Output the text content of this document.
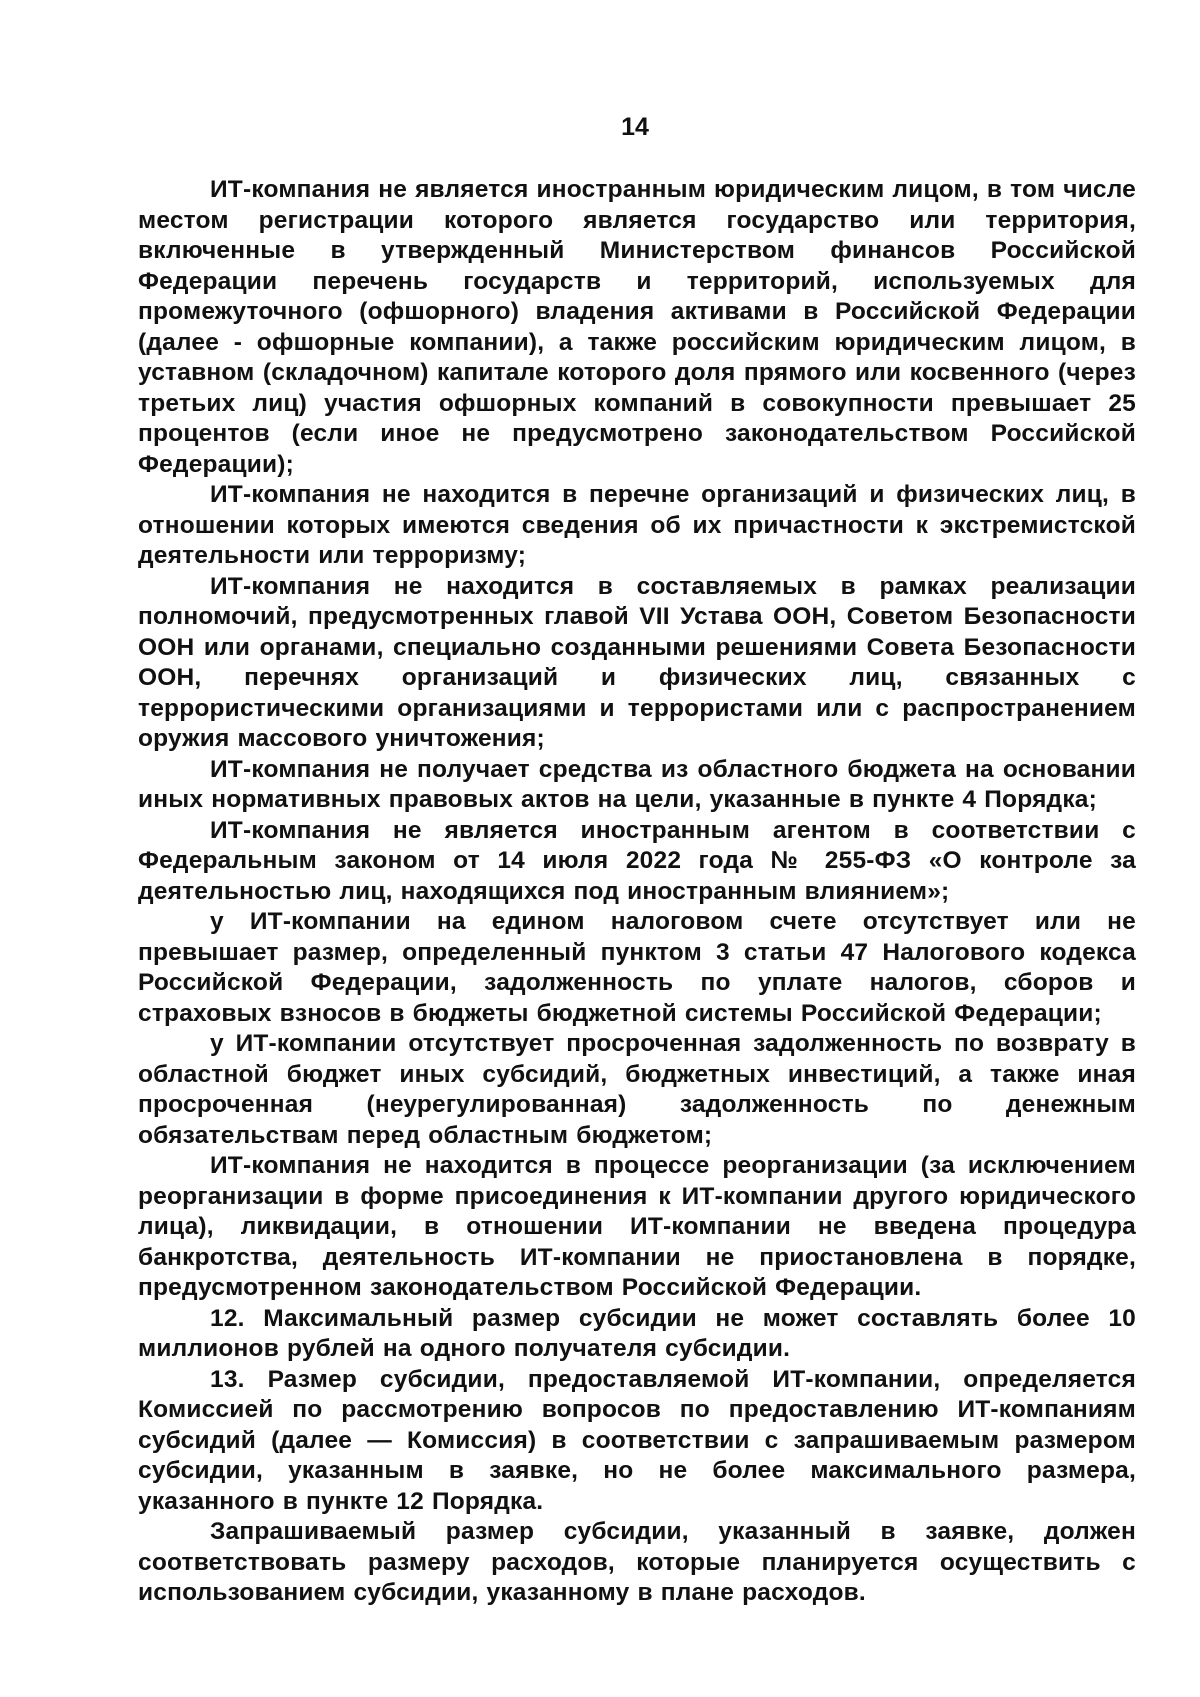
14

ИТ-компания не является иностранным юридическим лицом, в том числе местом регистрации которого является государство или территория, включенные в утвержденный Министерством финансов Российской Федерации перечень государств и территорий, используемых для промежуточного (офшорного) владения активами в Российской Федерации (далее - офшорные компании), а также российским юридическим лицом, в уставном (складочном) капитале которого доля прямого или косвенного (через третьих лиц) участия офшорных компаний в совокупности превышает 25 процентов (если иное не предусмотрено законодательством Российской Федерации);

ИТ-компания не находится в перечне организаций и физических лиц, в отношении которых имеются сведения об их причастности к экстремистской деятельности или терроризму;

ИТ-компания не находится в составляемых в рамках реализации полномочий, предусмотренных главой VII Устава ООН, Советом Безопасности ООН или органами, специально созданными решениями Совета Безопасности ООН, перечнях организаций и физических лиц, связанных с террористическими организациями и террористами или с распространением оружия массового уничтожения;

ИТ-компания не получает средства из областного бюджета на основании иных нормативных правовых актов на цели, указанные в пункте 4 Порядка;

ИТ-компания не является иностранным агентом в соответствии с Федеральным законом от 14 июля 2022 года № 255-ФЗ «О контроле за деятельностью лиц, находящихся под иностранным влиянием»;

у ИТ-компании на едином налоговом счете отсутствует или не превышает размер, определенный пунктом 3 статьи 47 Налогового кодекса Российской Федерации, задолженность по уплате налогов, сборов и страховых взносов в бюджеты бюджетной системы Российской Федерации;

у ИТ-компании отсутствует просроченная задолженность по возврату в областной бюджет иных субсидий, бюджетных инвестиций, а также иная просроченная (неурегулированная) задолженность по денежным обязательствам перед областным бюджетом;

ИТ-компания не находится в процессе реорганизации (за исключением реорганизации в форме присоединения к ИТ-компании другого юридического лица), ликвидации, в отношении ИТ-компании не введена процедура банкротства, деятельность ИТ-компании не приостановлена в порядке, предусмотренном законодательством Российской Федерации.

12. Максимальный размер субсидии не может составлять более 10 миллионов рублей на одного получателя субсидии.

13. Размер субсидии, предоставляемой ИТ-компании, определяется Комиссией по рассмотрению вопросов по предоставлению ИТ-компаниям субсидий (далее — Комиссия) в соответствии с запрашиваемым размером субсидии, указанным в заявке, но не более максимального размера, указанного в пункте 12 Порядка.

Запрашиваемый размер субсидии, указанный в заявке, должен соответствовать размеру расходов, которые планируется осуществить с использованием субсидии, указанному в плане расходов.
